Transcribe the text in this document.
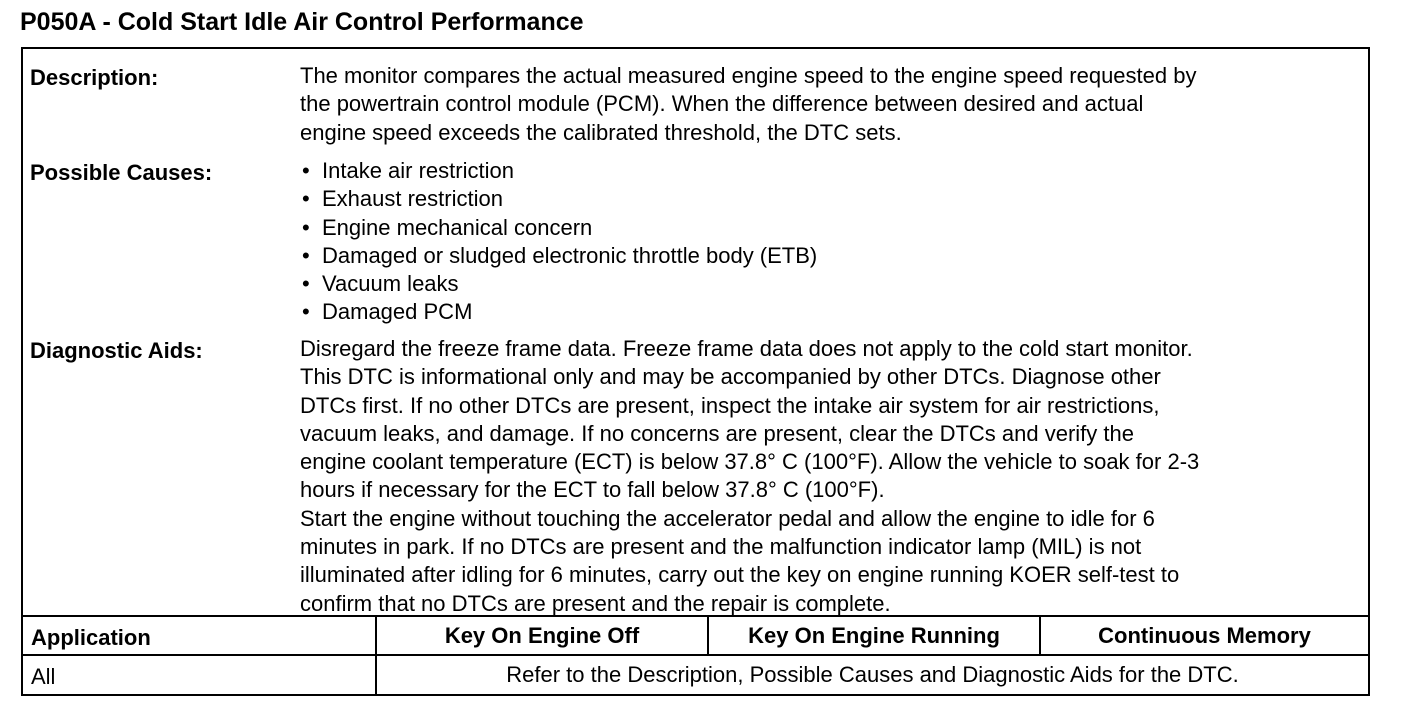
P050A - Cold Start Idle Air Control Performance
Description:	The monitor compares the actual measured engine speed to the engine speed requested by
the powertrain control module (PCM). When the difference between desired and actual
engine speed exceeds the calibrated threshold, the DTC sets.
Possible Causes:	• Intake air restriction
• Exhaust restriction
• Engine mechanical concern
• Damaged or sludged electronic throttle body (ETB)
• Vacuum leaks
• Damaged PCM
Diagnostic Aids:	Disregard the freeze frame data. Freeze frame data does not apply to the cold start monitor.
This DTC is informational only and may be accompanied by other DTCs. Diagnose other
DTCs first. If no other DTCs are present, inspect the intake air system for air restrictions,
vacuum leaks, and damage. If no concerns are present, clear the DTCs and verify the
engine coolant temperature (ECT) is below 37.8° C (100°F). Allow the vehicle to soak for 2-3
hours if necessary for the ECT to fall below 37.8° C (100°F).
Start the engine without touching the accelerator pedal and allow the engine to idle for 6
minutes in park. If no DTCs are present and the malfunction indicator lamp (MIL) is not
illuminated after idling for 6 minutes, carry out the key on engine running KOER self-test to
confirm that no DTCs are present and the repair is complete.
Application	Key On Engine Off	Key On Engine Running	Continuous Memory
All	Refer to the Description, Possible Causes and Diagnostic Aids for the DTC.
